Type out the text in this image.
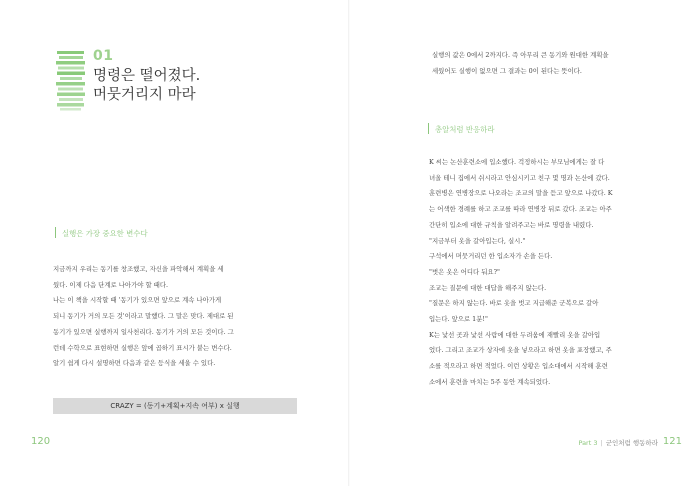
01
명령은 떨어졌다.
머뭇거리지 마라
실행은 가장 중요한 변수다

지금까지 우리는 동기를 창조했고, 자신을 파악해서 계획을 세

웠다. 이제 다음 단계로 나아가야 할 때다.

나는 이 책을 시작할 때 '동기가 있으면 앞으로 계속 나아가게

되니 동기가 거의 모든 것'이라고 말했다. 그 말은 맞다. 제대로 된

동기가 있으면 실행까지 일사천리다. 동기가 거의 모든 것이다. 그

런데 수학으로 표현하면 실행은 앞에 곱하기 표시가 붙는 변수다.

알기 쉽게 다시 설명하면 다음과 같은 등식을 세울 수 있다.

CRAZY = (동기+계획+지속 여부) x 실행
120

실행의 값은 0에서 2까지다. 즉 아무리 큰 동기와 원대한 계획을

세웠어도 실행이 없으면 그 결과는 0이 된다는 뜻이다.

총알처럼 반응하라

K 씨는 논산훈련소에 입소했다. 걱정하시는 부모님에게는 잘 다

녀올 테니 집에서 쉬시라고 안심시키고 친구 몇 명과 논산에 갔다.

훈련병은 연병장으로 나오라는 조교의 말을 듣고 앞으로 나갔다. K

는 어색한 경례를 하고 조교를 따라 연병장 뒤로 갔다. 조교는 아주

간단히 입소에 대한 규칙을 알려주고는 바로 명령을 내렸다.

"지금부터 옷을 갈아입는다, 실시."

구석에서 머뭇거리던 한 입소자가 손을 든다.

"벗은 옷은 어디다 둬요?"

조교는 질문에 대한 대답을 해주지 않는다.

"질문은 하지 않는다. 바로 옷을 벗고 지급해준 군복으로 갈아

입는다. 앞으로 1분!"

K는 낯선 곳과 낯선 사람에 대한 두려움에 재빨리 옷을 갈아입

었다. 그리고 조교가 상자에 옷을 넣으라고 하면 옷을 포장했고, 주

소를 적으라고 하면 적었다. 이런 상황은 입소대에서 시작해 훈련

소에서 훈련을 마치는 5주 동안 계속되었다.

Part 3 | 군인처럼 행동하라 121
